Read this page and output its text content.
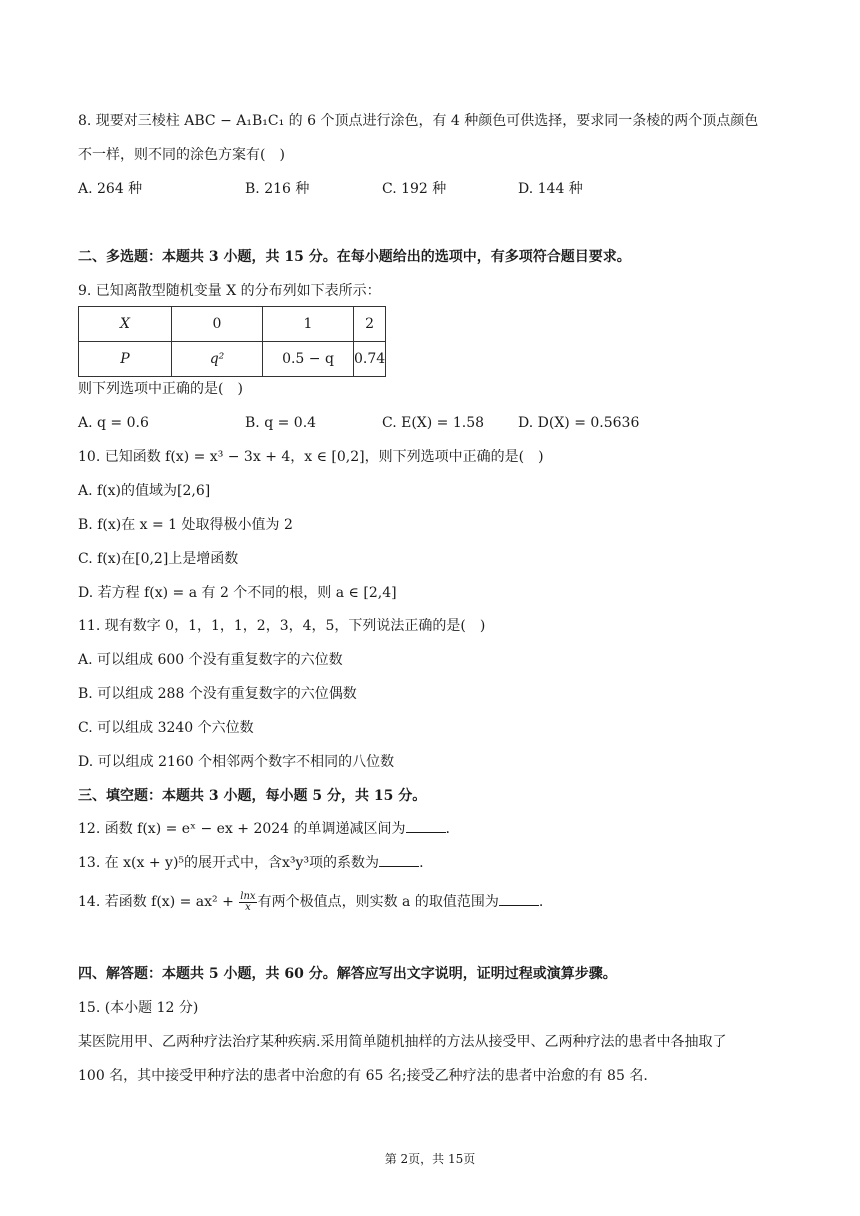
8. 现要对三棱柱 ABC − A₁B₁C₁ 的 6 个顶点进行涂色，有 4 种颜色可供选择，要求同一条棱的两个顶点颜色
不一样，则不同的涂色方案有(　)
A. 264 种	B. 216 种	C. 192 种	D. 144 种
二、多选题：本题共 3 小题，共 15 分。在每小题给出的选项中，有多项符合题目要求。
9. 已知离散型随机变量 X 的分布列如下表所示：
X	0	1	2
P	q²	0.5 − q	0.74
则下列选项中正确的是(　)
A. q = 0.6	B. q = 0.4	C. E(X) = 1.58 D. D(X) = 0.5636
10. 已知函数 f(x) = x³ − 3x + 4，x ∈ [0,2]，则下列选项中正确的是(　)
A. f(x)的值域为[2,6]
B. f(x)在 x = 1 处取得极小值为 2
C. f(x)在[0,2]上是增函数
D. 若方程 f(x) = a 有 2 个不同的根，则 a ∈ [2,4]
11. 现有数字 0，1，1，1，2，3，4，5，下列说法正确的是(　)
A. 可以组成 600 个没有重复数字的六位数
B. 可以组成 288 个没有重复数字的六位偶数
C. 可以组成 3240 个六位数
D. 可以组成 2160 个相邻两个数字不相同的八位数
三、填空题：本题共 3 小题，每小题 5 分，共 15 分。
12. 函数 f(x) = eˣ − ex + 2024 的单调递减区间为	.
13. 在 x(x + y)⁵的展开式中，含x³y³项的系数为	.
14. 若函数 $f(x) = ax^2 + \frac{\ln x}{x}$ 有两个极值点，则实数 a 的取值范围为	.
四、解答题：本题共 5 小题，共 60 分。解答应写出文字说明，证明过程或演算步骤。
15. (本小题 12 分)
某医院用甲、乙两种疗法治疗某种疾病.采用简单随机抽样的方法从接受甲、乙两种疗法的患者中各抽取了
100 名，其中接受甲种疗法的患者中治愈的有 65 名;接受乙种疗法的患者中治愈的有 85 名.
第 2页，共 15页
